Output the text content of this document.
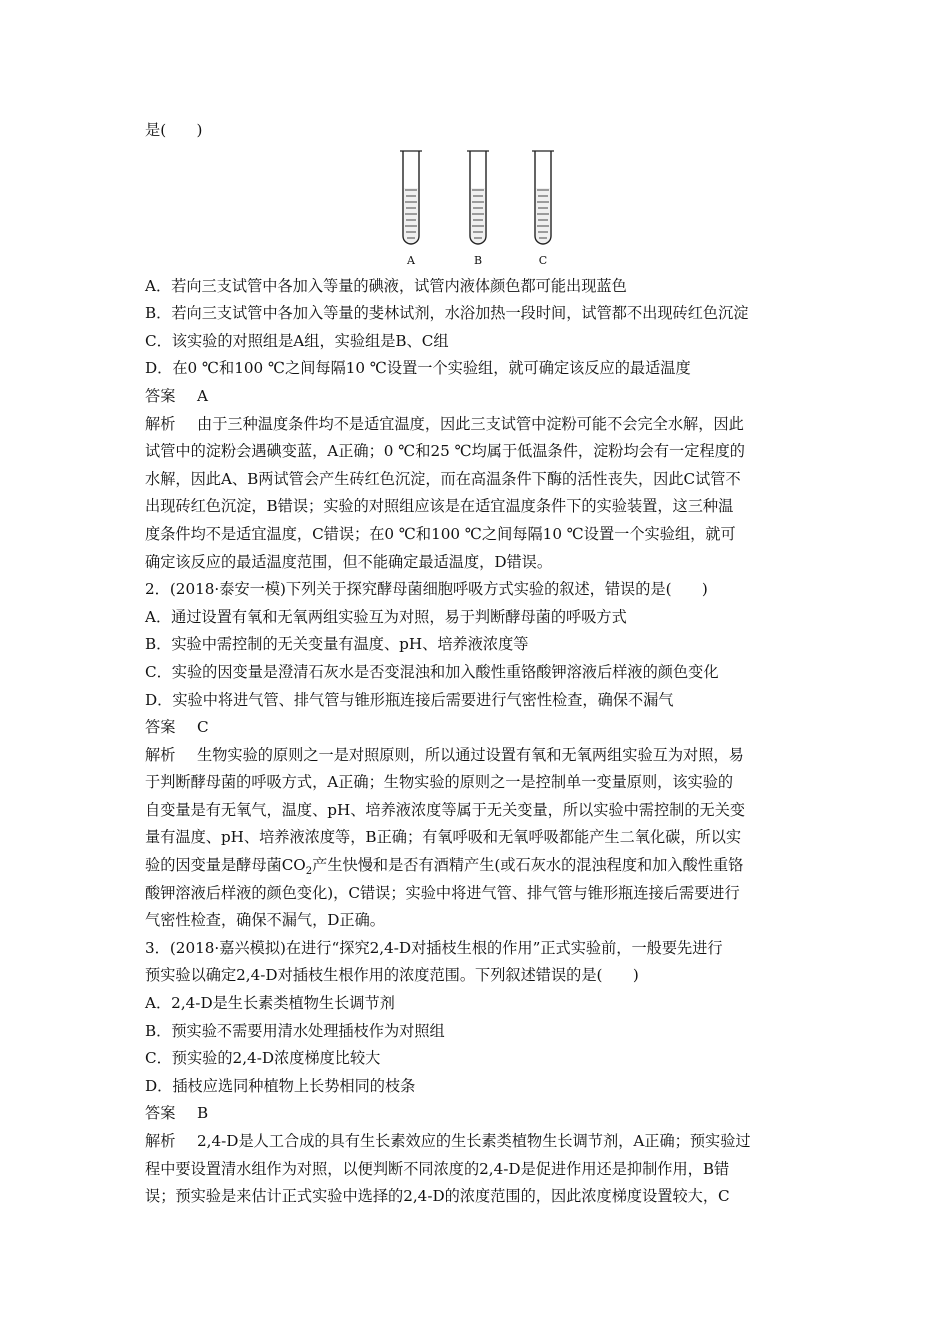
是(　　)
A	B	C
A．若向三支试管中各加入等量的碘液，试管内液体颜色都可能出现蓝色
B．若向三支试管中各加入等量的斐林试剂，水浴加热一段时间，试管都不出现砖红色沉淀
C．该实验的对照组是A组，实验组是B、C组
D．在0 ℃和100 ℃之间每隔10 ℃设置一个实验组，就可确定该反应的最适温度
答案 A
解析 由于三种温度条件均不是适宜温度，因此三支试管中淀粉可能不会完全水解，因此
试管中的淀粉会遇碘变蓝，A正确；0 ℃和25 ℃均属于低温条件，淀粉均会有一定程度的
水解，因此A、B两试管会产生砖红色沉淀，而在高温条件下酶的活性丧失，因此C试管不
出现砖红色沉淀，B错误；实验的对照组应该是在适宜温度条件下的实验装置，这三种温
度条件均不是适宜温度，C错误；在0 ℃和100 ℃之间每隔10 ℃设置一个实验组，就可
确定该反应的最适温度范围，但不能确定最适温度，D错误。
2．(2018·泰安一模)下列关于探究酵母菌细胞呼吸方式实验的叙述，错误的是(　　)
A．通过设置有氧和无氧两组实验互为对照，易于判断酵母菌的呼吸方式
B．实验中需控制的无关变量有温度、pH、培养液浓度等
C．实验的因变量是澄清石灰水是否变混浊和加入酸性重铬酸钾溶液后样液的颜色变化
D．实验中将进气管、排气管与锥形瓶连接后需要进行气密性检查，确保不漏气
答案 C
解析 生物实验的原则之一是对照原则，所以通过设置有氧和无氧两组实验互为对照，易
于判断酵母菌的呼吸方式，A正确；生物实验的原则之一是控制单一变量原则，该实验的
自变量是有无氧气，温度、pH、培养液浓度等属于无关变量，所以实验中需控制的无关变
量有温度、pH、培养液浓度等，B正确；有氧呼吸和无氧呼吸都能产生二氧化碳，所以实
验的因变量是酵母菌$CO_2$产生快慢和是否有酒精产生(或石灰水的混浊程度和加入酸性重铬
酸钾溶液后样液的颜色变化)，C错误；实验中将进气管、排气管与锥形瓶连接后需要进行
气密性检查，确保不漏气，D正确。
3．(2018·嘉兴模拟)在进行“探究2,4-D对插枝生根的作用”正式实验前，一般要先进行
预实验以确定2,4-D对插枝生根作用的浓度范围。下列叙述错误的是(　　)
A．2,4-D是生长素类植物生长调节剂
B．预实验不需要用清水处理插枝作为对照组
C．预实验的2,4-D浓度梯度比较大
D．插枝应选同种植物上长势相同的枝条
答案 B
解析 2,4-D是人工合成的具有生长素效应的生长素类植物生长调节剂，A正确；预实验过
程中要设置清水组作为对照，以便判断不同浓度的2,4-D是促进作用还是抑制作用，B错
误；预实验是来估计正式实验中选择的2,4-D的浓度范围的，因此浓度梯度设置较大，C
